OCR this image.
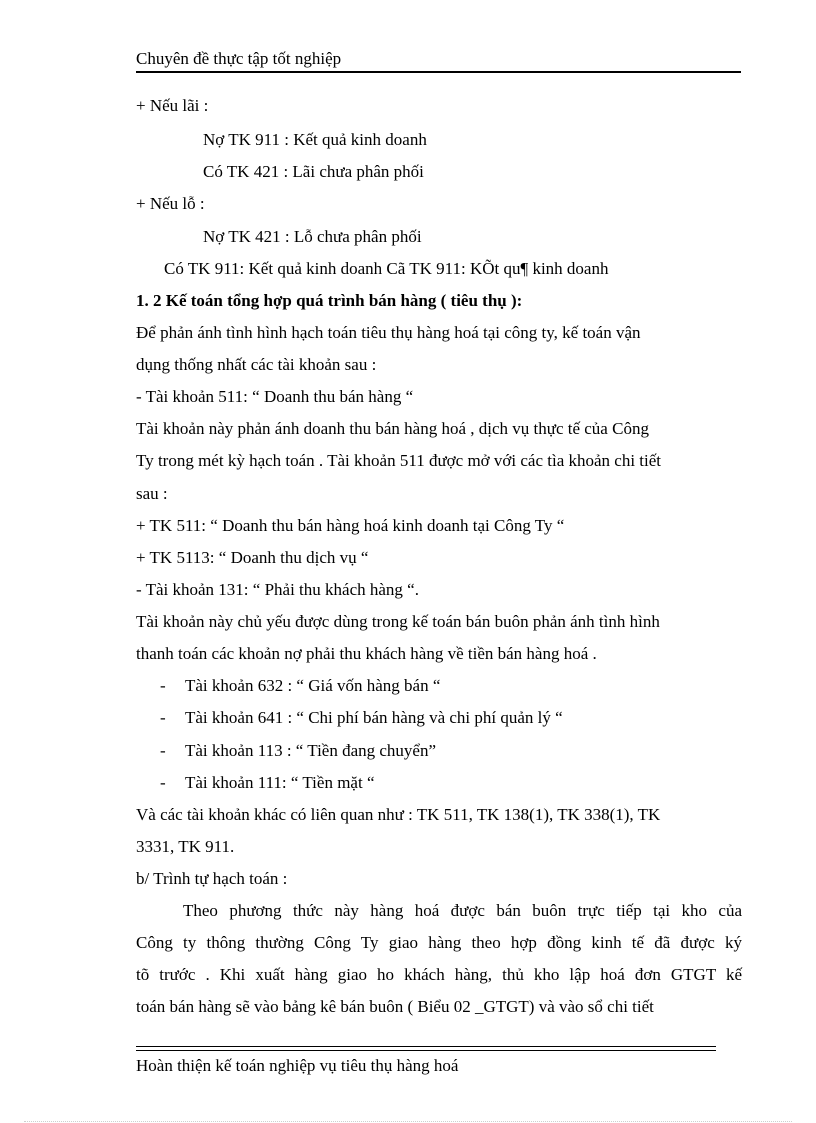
Chuyên đề thực tập tốt nghiệp
+ Nếu lãi :
Nợ TK 911 : Kết quả kinh doanh
Có TK 421 : Lãi chưa phân phối
+ Nếu lỗ :
Nợ TK 421 : Lỗ chưa phân phối
Có TK 911: Kết quả kinh doanh Cã TK 911: KÕt qu¶ kinh doanh
1. 2 Kế toán tổng hợp quá trình bán hàng ( tiêu thụ ):
Để phản ánh tình hình hạch toán tiêu thụ hàng hoá tại công ty, kế toán vận
dụng thống nhất các tài khoản sau :
- Tài khoản 511: “ Doanh thu bán hàng “
Tài khoản này phản ánh doanh thu bán hàng hoá , dịch vụ thực tế của Công
Ty trong mét kỳ hạch toán . Tài khoản 511 được mở với các tìa khoản chi tiết
sau :
+ TK 511: “ Doanh thu bán hàng hoá kinh doanh tại Công Ty “
+ TK 5113: “ Doanh thu dịch vụ “
- Tài khoản 131: “ Phải thu khách hàng “.
Tài khoản này chủ yếu được dùng trong kế toán bán buôn phản ánh tình hình
thanh toán các khoản nợ phải thu khách hàng về tiền bán hàng hoá .
- Tài khoản 632 : “ Giá vốn hàng bán “
- Tài khoản 641 : “ Chi phí bán hàng và chi phí quản lý “
- Tài khoản 113 : “ Tiền đang chuyển”
- Tài khoản 111: “ Tiền mặt “
Và các tài khoản khác có liên quan như : TK 511, TK 138(1), TK 338(1), TK
3331, TK 911.
b/ Trình tự hạch toán :
Theo phương thức này hàng hoá được bán buôn trực tiếp tại kho của
Công ty thông thường Công Ty giao hàng theo hợp đồng kinh tế đã được ký
tõ trước . Khi xuất hàng giao ho khách hàng, thủ kho lập hoá đơn GTGT kế
toán bán hàng sẽ vào bảng kê bán buôn ( Biểu 02 _GTGT) và vào sổ chi tiết
Hoàn thiện kế toán nghiệp vụ tiêu thụ hàng hoá
